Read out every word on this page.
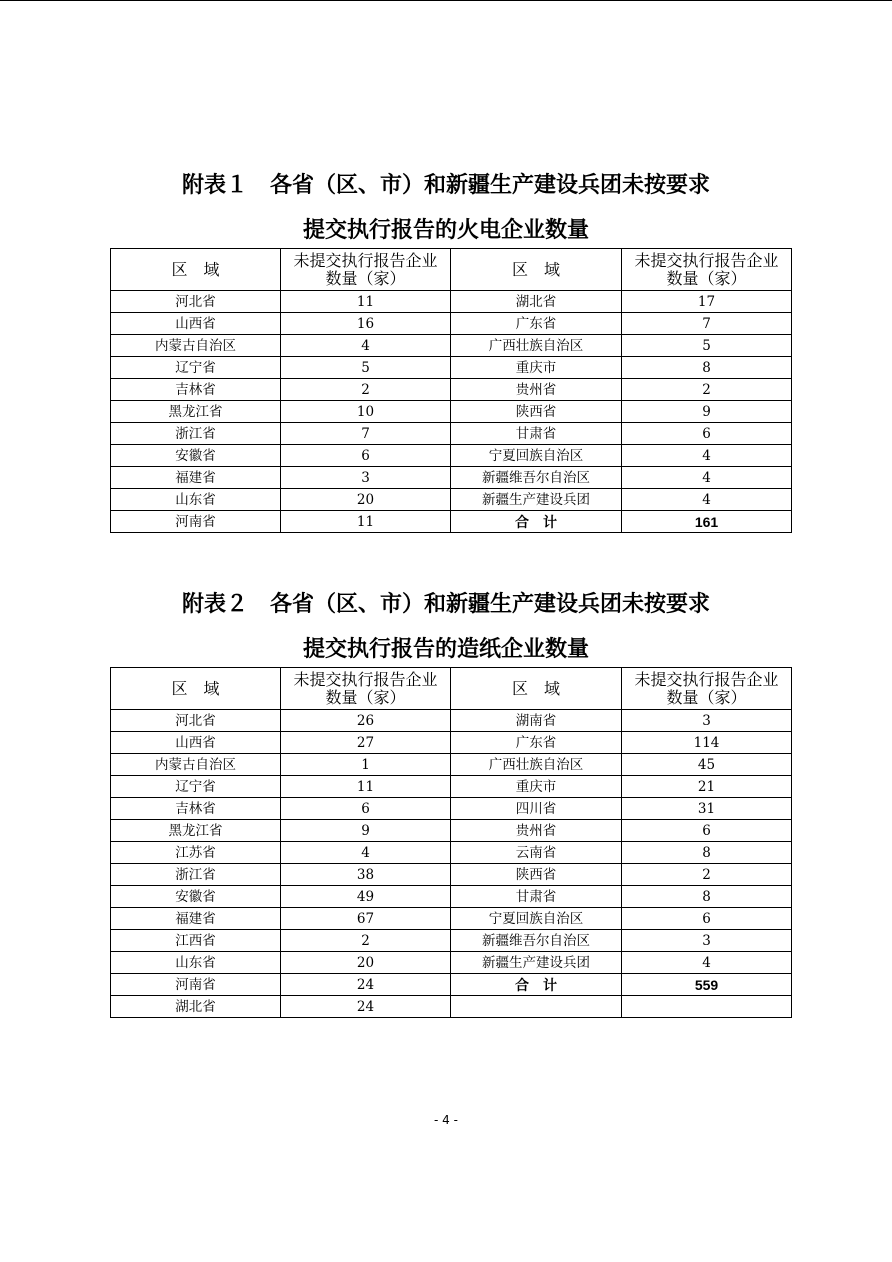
附表１　各省（区、市）和新疆生产建设兵团未按要求
提交执行报告的火电企业数量
区　域	未提交执行报告企业数量（家）	区　域	未提交执行报告企业数量（家）

河北省	11	湖北省	17
山西省	16	广东省	7
内蒙古自治区	4	广西壮族自治区	5
辽宁省	5	重庆市	8
吉林省	2	贵州省	2
黑龙江省	10	陕西省	9
浙江省	7	甘肃省	6
安徽省	6	宁夏回族自治区	4
福建省	3	新疆维吾尔自治区	4
山东省	20	新疆生产建设兵团	4
河南省	11	合　计	161
附表２　各省（区、市）和新疆生产建设兵团未按要求
提交执行报告的造纸企业数量
区　域	未提交执行报告企业数量（家）	区　域	未提交执行报告企业数量（家）

河北省	26	湖南省	3
山西省	27	广东省	114
内蒙古自治区	1	广西壮族自治区	45
辽宁省	11	重庆市	21
吉林省	6	四川省	31
黑龙江省	9	贵州省	6
江苏省	4	云南省	8
浙江省	38	陕西省	2
安徽省	49	甘肃省	8
福建省	67	宁夏回族自治区	6
江西省	2	新疆维吾尔自治区	3
山东省	20	新疆生产建设兵团	4
河南省	24	合　计	559
湖北省	24		
- 4 -
